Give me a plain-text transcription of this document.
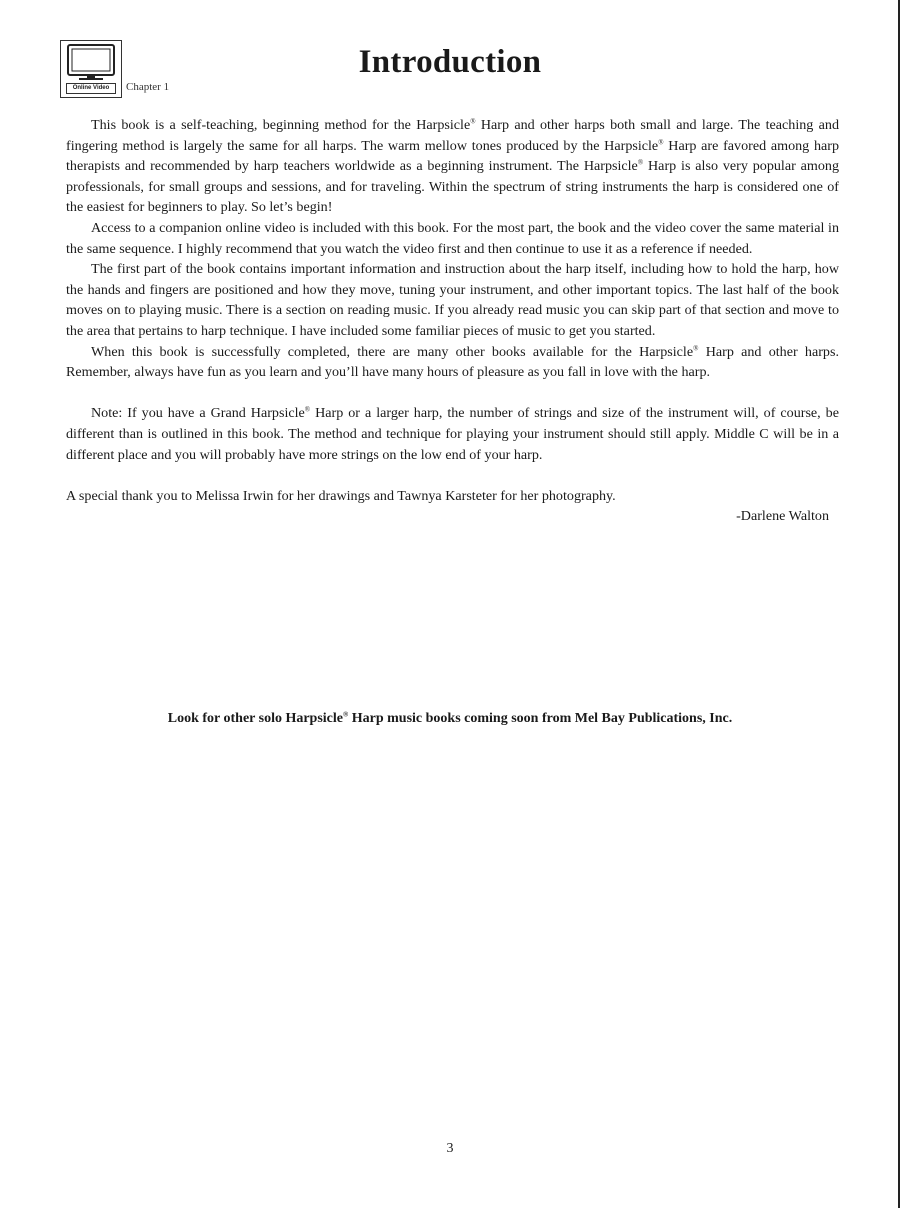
Online Video	Chapter 1
Introduction

This book is a self-teaching, beginning method for the Harpsicle® Harp and other harps both small and large. The teaching and fingering method is largely the same for all harps. The warm mellow tones produced by the Harpsicle® Harp are favored among harp therapists and recommended by harp teachers worldwide as a beginning instrument. The Harpsicle® Harp is also very popular among professionals, for small groups and sessions, and for traveling. Within the spectrum of string instruments the harp is considered one of the easiest for beginners to play. So let’s begin!

Access to a companion online video is included with this book. For the most part, the book and the video cover the same material in the same sequence. I highly recommend that you watch the video first and then continue to use it as a reference if needed.

The first part of the book contains important information and instruction about the harp itself, including how to hold the harp, how the hands and fingers are positioned and how they move, tuning your instrument, and other important topics. The last half of the book moves on to playing music. There is a section on reading music. If you already read music you can skip part of that section and move to the area that pertains to harp technique. I have included some familiar pieces of music to get you started.

When this book is successfully completed, there are many other books available for the Harpsicle® Harp and other harps. Remember, always have fun as you learn and you’ll have many hours of pleasure as you fall in love with the harp.

Note: If you have a Grand Harpsicle® Harp or a larger harp, the number of strings and size of the instrument will, of course, be different than is outlined in this book. The method and technique for playing your instrument should still apply. Middle C will be in a different place and you will probably have more strings on the low end of your harp.

A special thank you to Melissa Irwin for her drawings and Tawnya Karsteter for her photography.

-Darlene Walton

Look for other solo Harpsicle® Harp music books coming soon from Mel Bay Publications, Inc.
3
